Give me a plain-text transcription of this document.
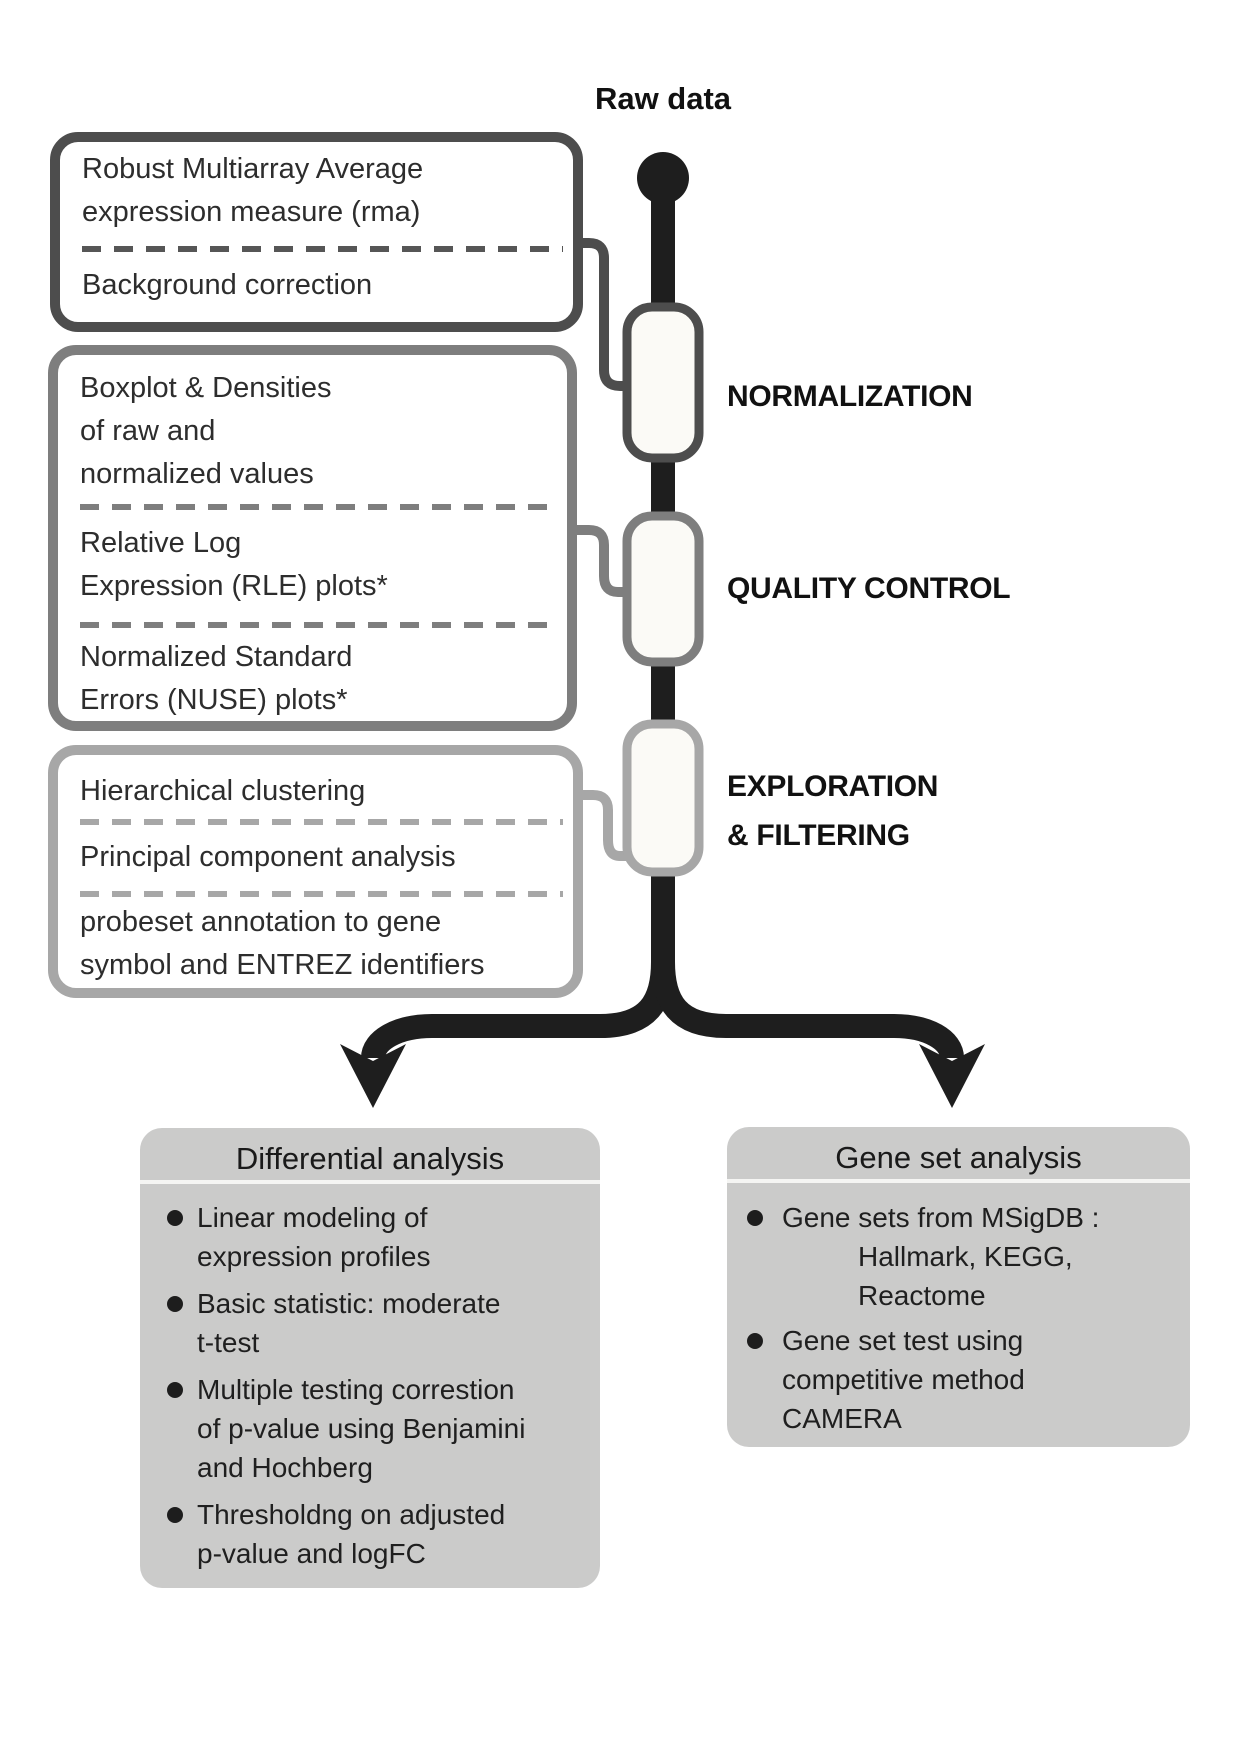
Raw data
Robust Multiarray Average
expression measure (rma)
Background correction
Boxplot & Densities
of raw and
normalized values
Relative Log
Expression (RLE) plots*
Normalized Standard
Errors (NUSE) plots*
Hierarchical clustering
Principal component analysis
probeset annotation to gene
symbol and ENTREZ identifiers
NORMALIZATION
QUALITY CONTROL
EXPLORATION
& FILTERING
Differential analysis
Linear modeling of
expression profiles
Basic statistic: moderate
t-test
Multiple testing correstion
of p-value using Benjamini
and Hochberg
Thresholdng on adjusted
p-value and logFC
Gene set analysis
Gene sets from MSigDB :
Hallmark, KEGG,
Reactome
Gene set test using
competitive method
CAMERA
